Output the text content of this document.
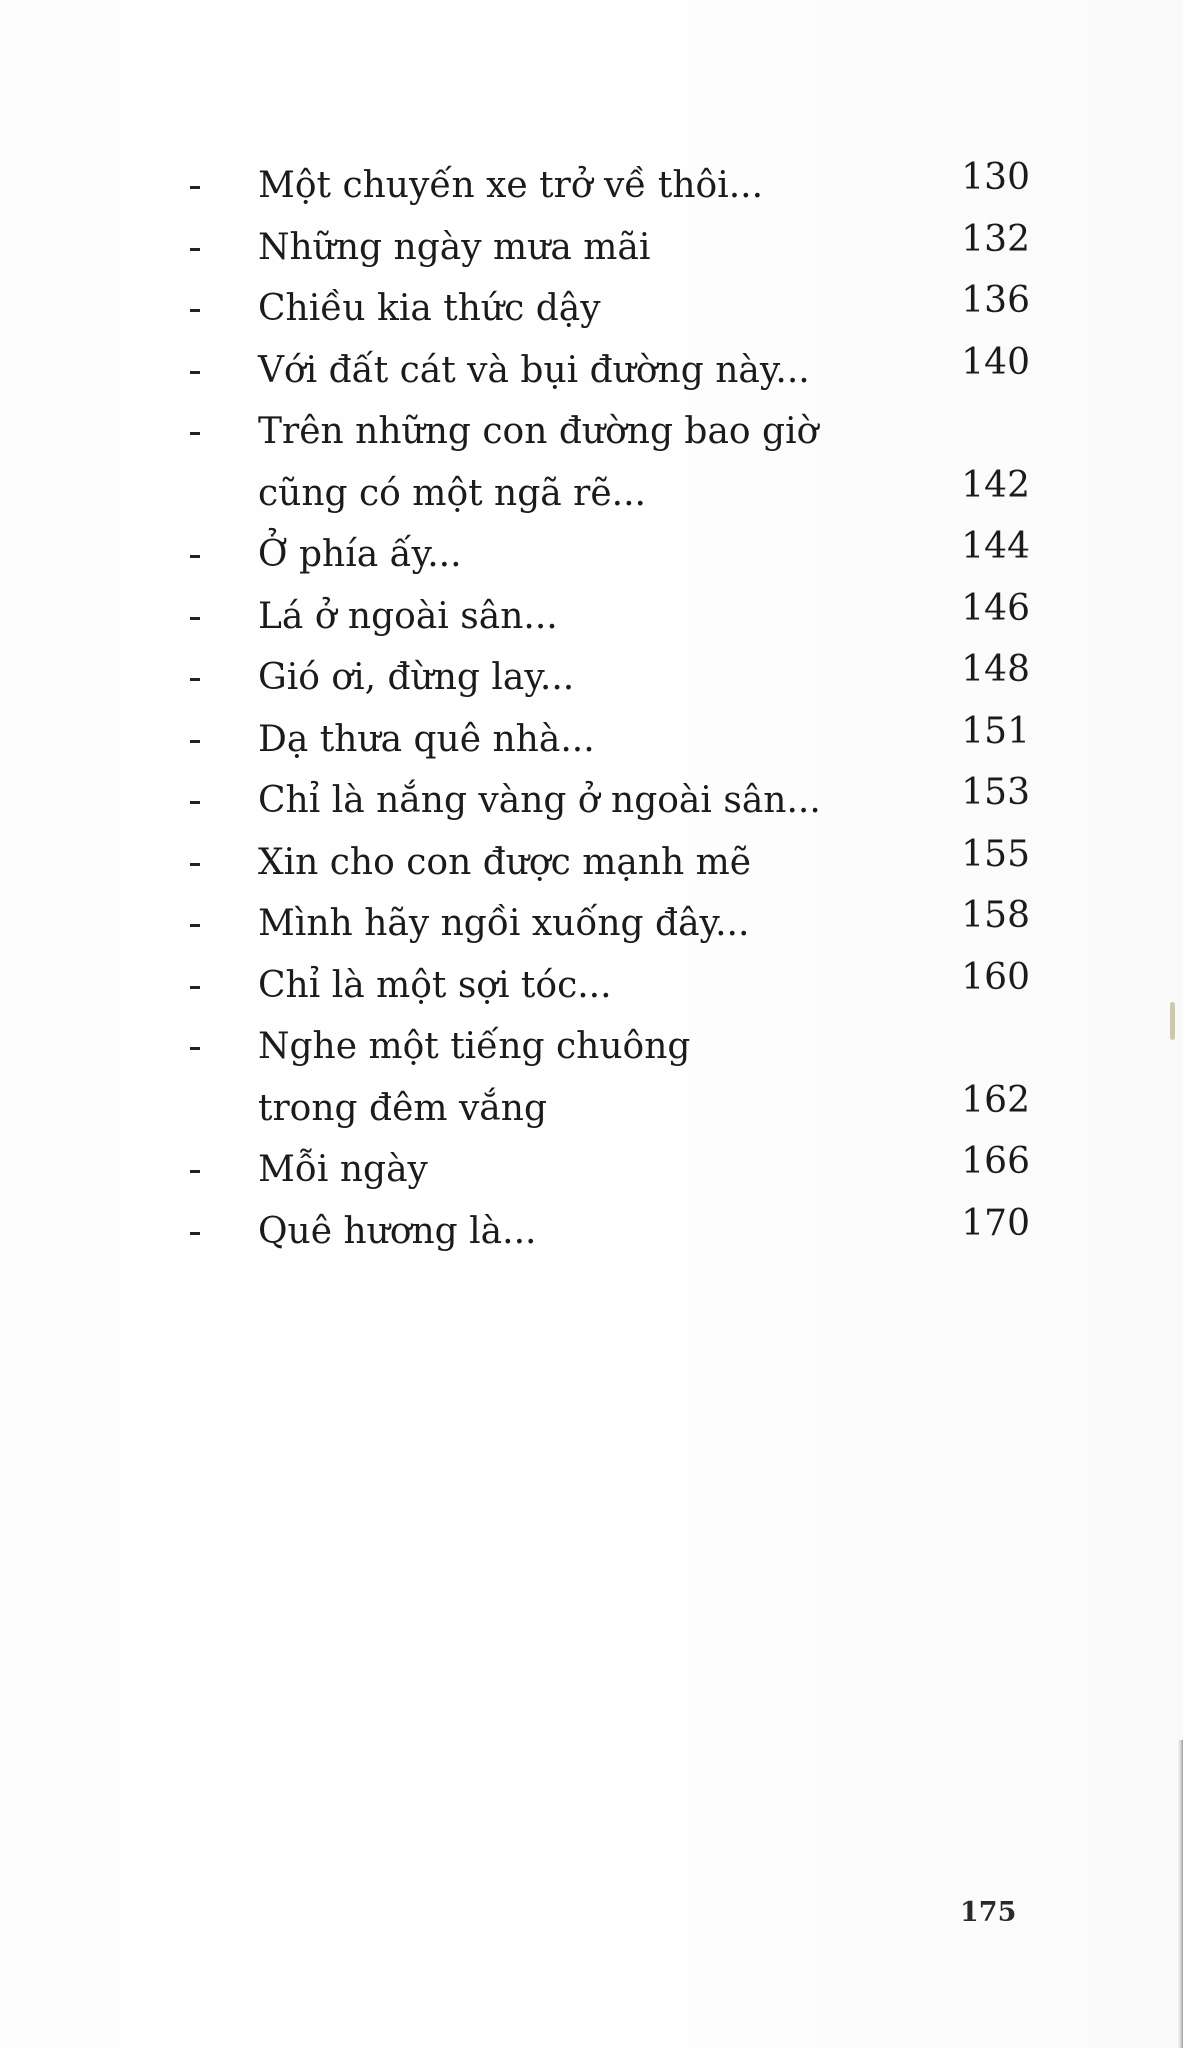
Một chuyến xe trở về thôi...	130
Những ngày mưa mãi	132
Chiều kia thức dậy	136
Với đất cát và bụi đường này...	140
Trên những con đường bao giờ
cũng có một ngã rẽ...	142
Ở phía ấy...	144
Lá ở ngoài sân...	146
Gió ơi, đừng lay...	148
Dạ thưa quê nhà...	151
Chỉ là nắng vàng ở ngoài sân...	153
Xin cho con được mạnh mẽ	155
Mình hãy ngồi xuống đây...	158
Chỉ là một sợi tóc...	160
Nghe một tiếng chuông
trong đêm vắng	162
Mỗi ngày	166
Quê hương là...	170
175
